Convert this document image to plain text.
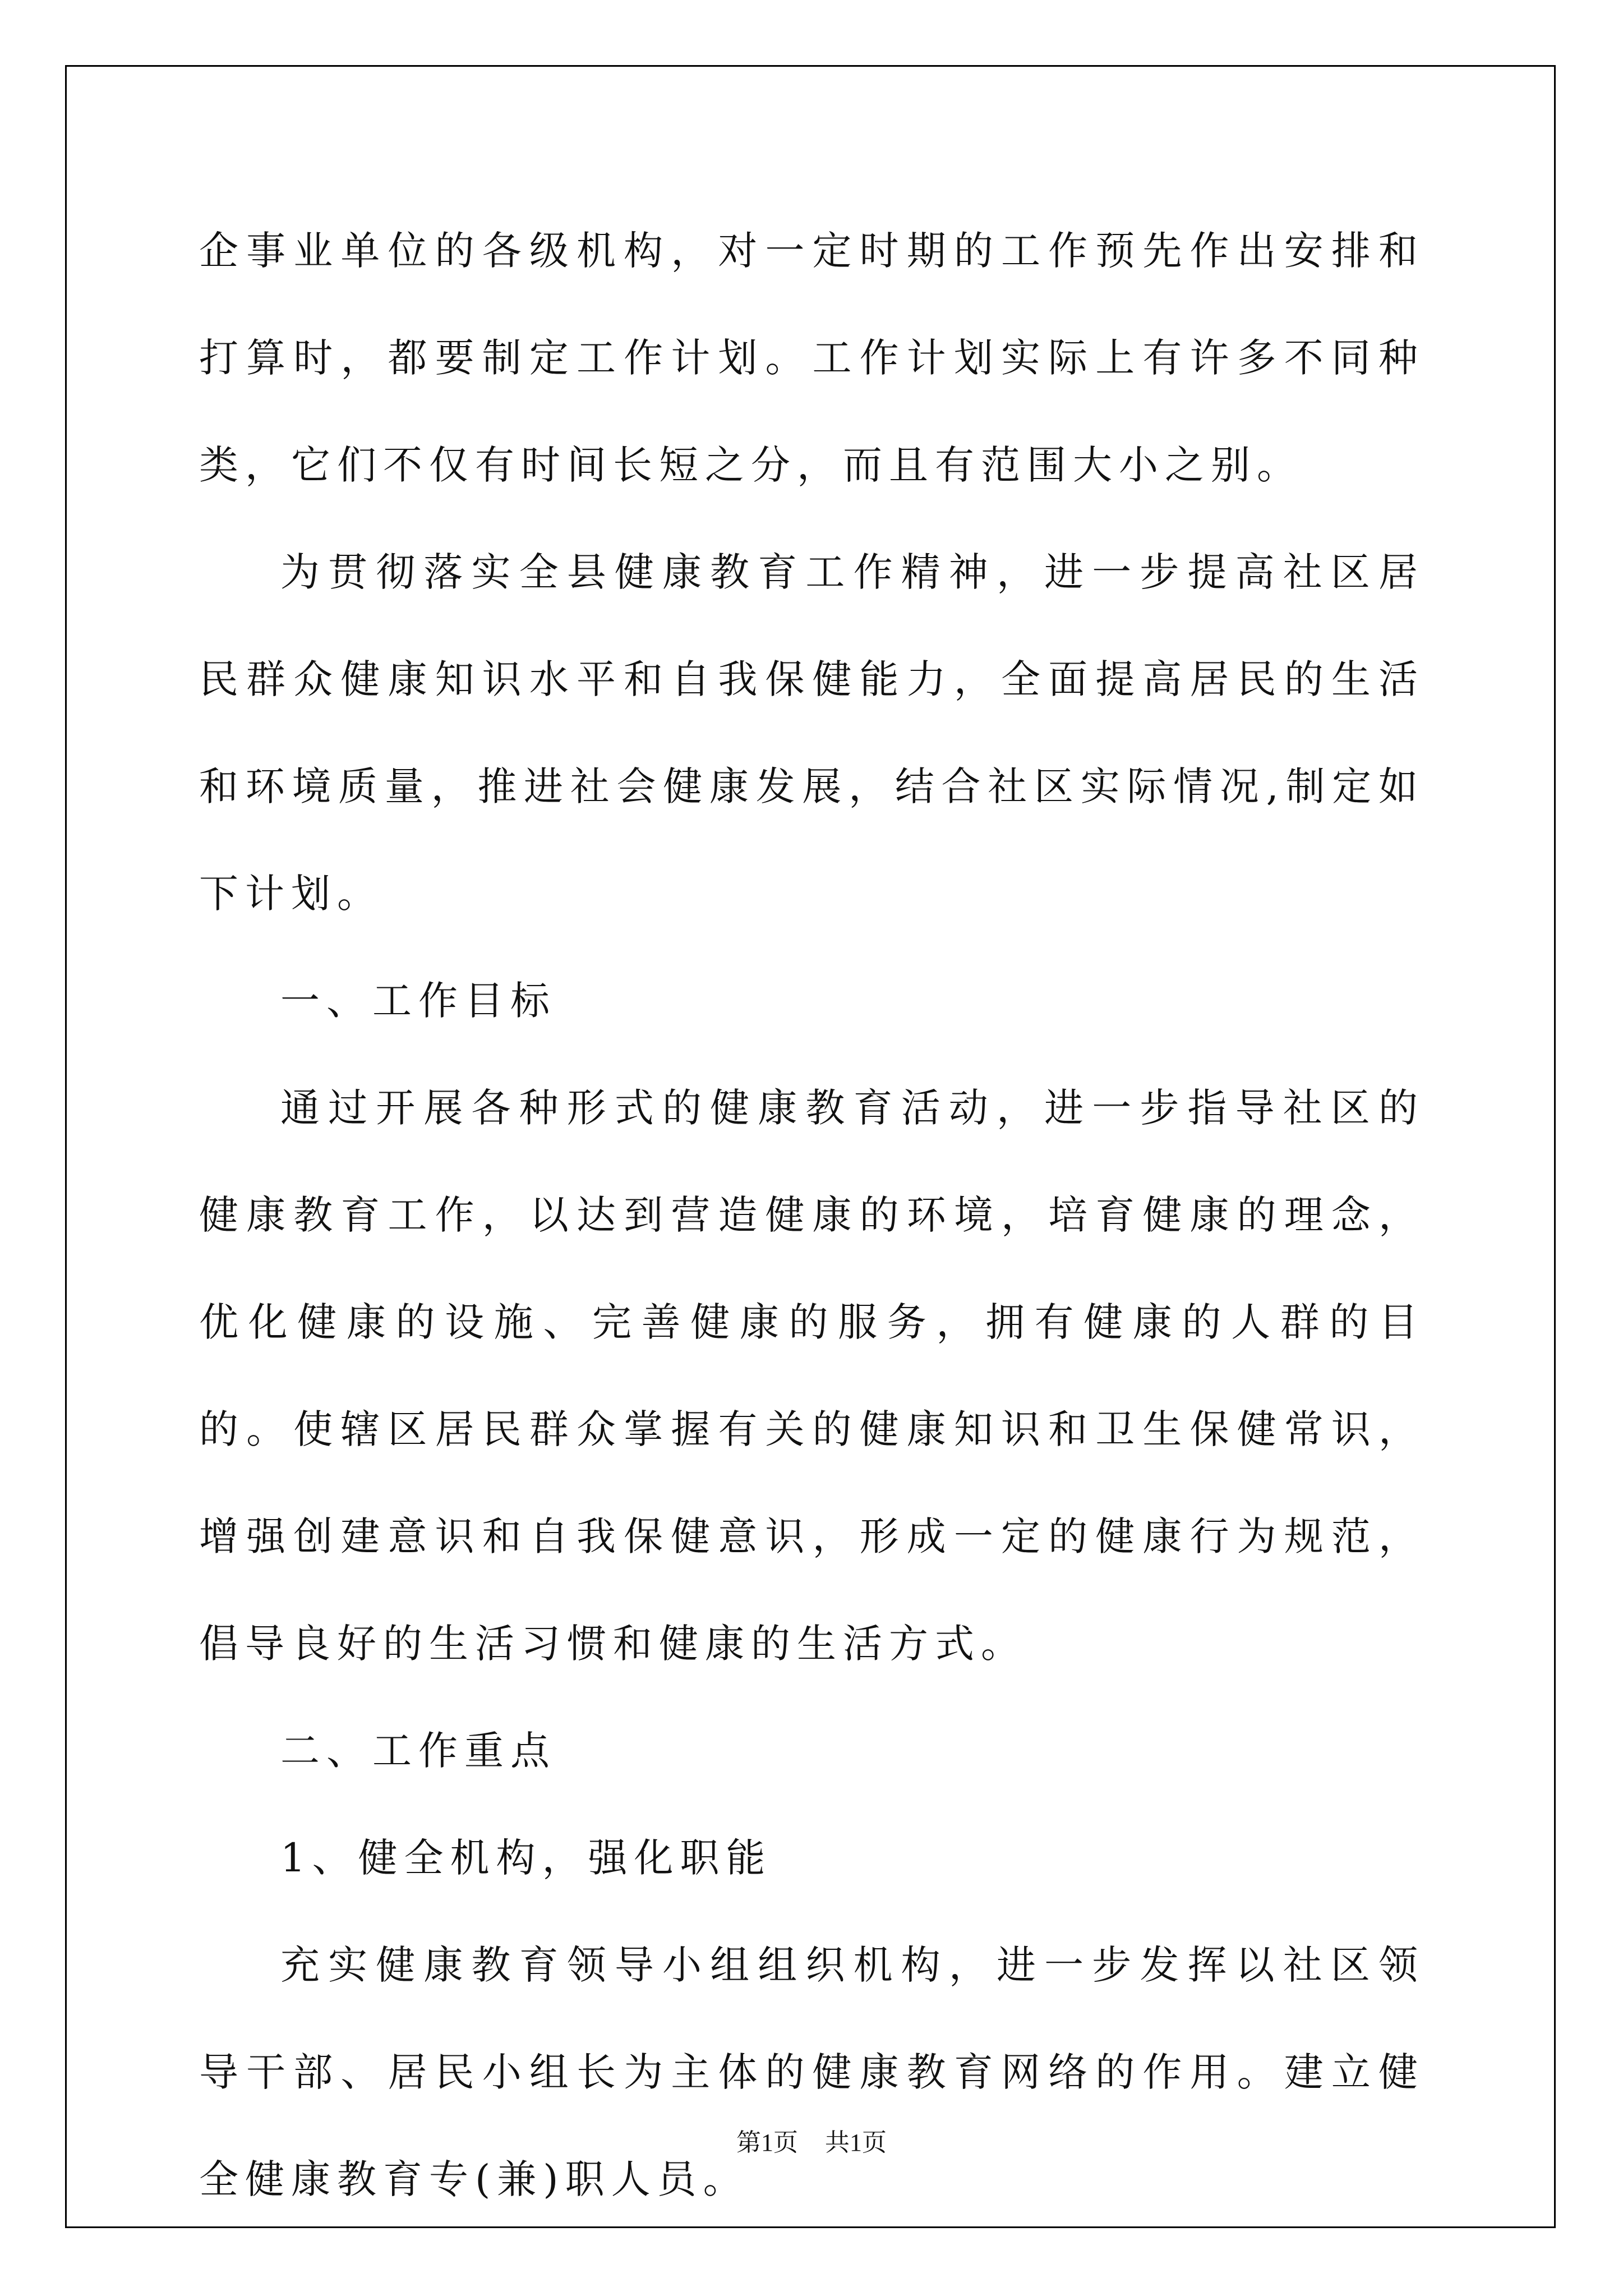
企事业单位的各级机构，对一定时期的工作预先作出安排和打算时，都要制定工作计划。工作计划实际上有许多不同种类，它们不仅有时间长短之分，而且有范围大小之别。

为贯彻落实全县健康教育工作精神，进一步提高社区居民群众健康知识水平和自我保健能力，全面提高居民的生活和环境质量，推进社会健康发展，结合社区实际情况,制定如下计划。

一、工作目标

通过开展各种形式的健康教育活动，进一步指导社区的健康教育工作，以达到营造健康的环境，培育健康的理念，优化健康的设施、完善健康的服务，拥有健康的人群的目的。使辖区居民群众掌握有关的健康知识和卫生保健常识，增强创建意识和自我保健意识，形成一定的健康行为规范，倡导良好的生活习惯和健康的生活方式。

二、工作重点

1、健全机构，强化职能

充实健康教育领导小组组织机构，进一步发挥以社区领导干部、居民小组长为主体的健康教育网络的作用。建立健全健康教育专(兼)职人员。

第1页 共1页
